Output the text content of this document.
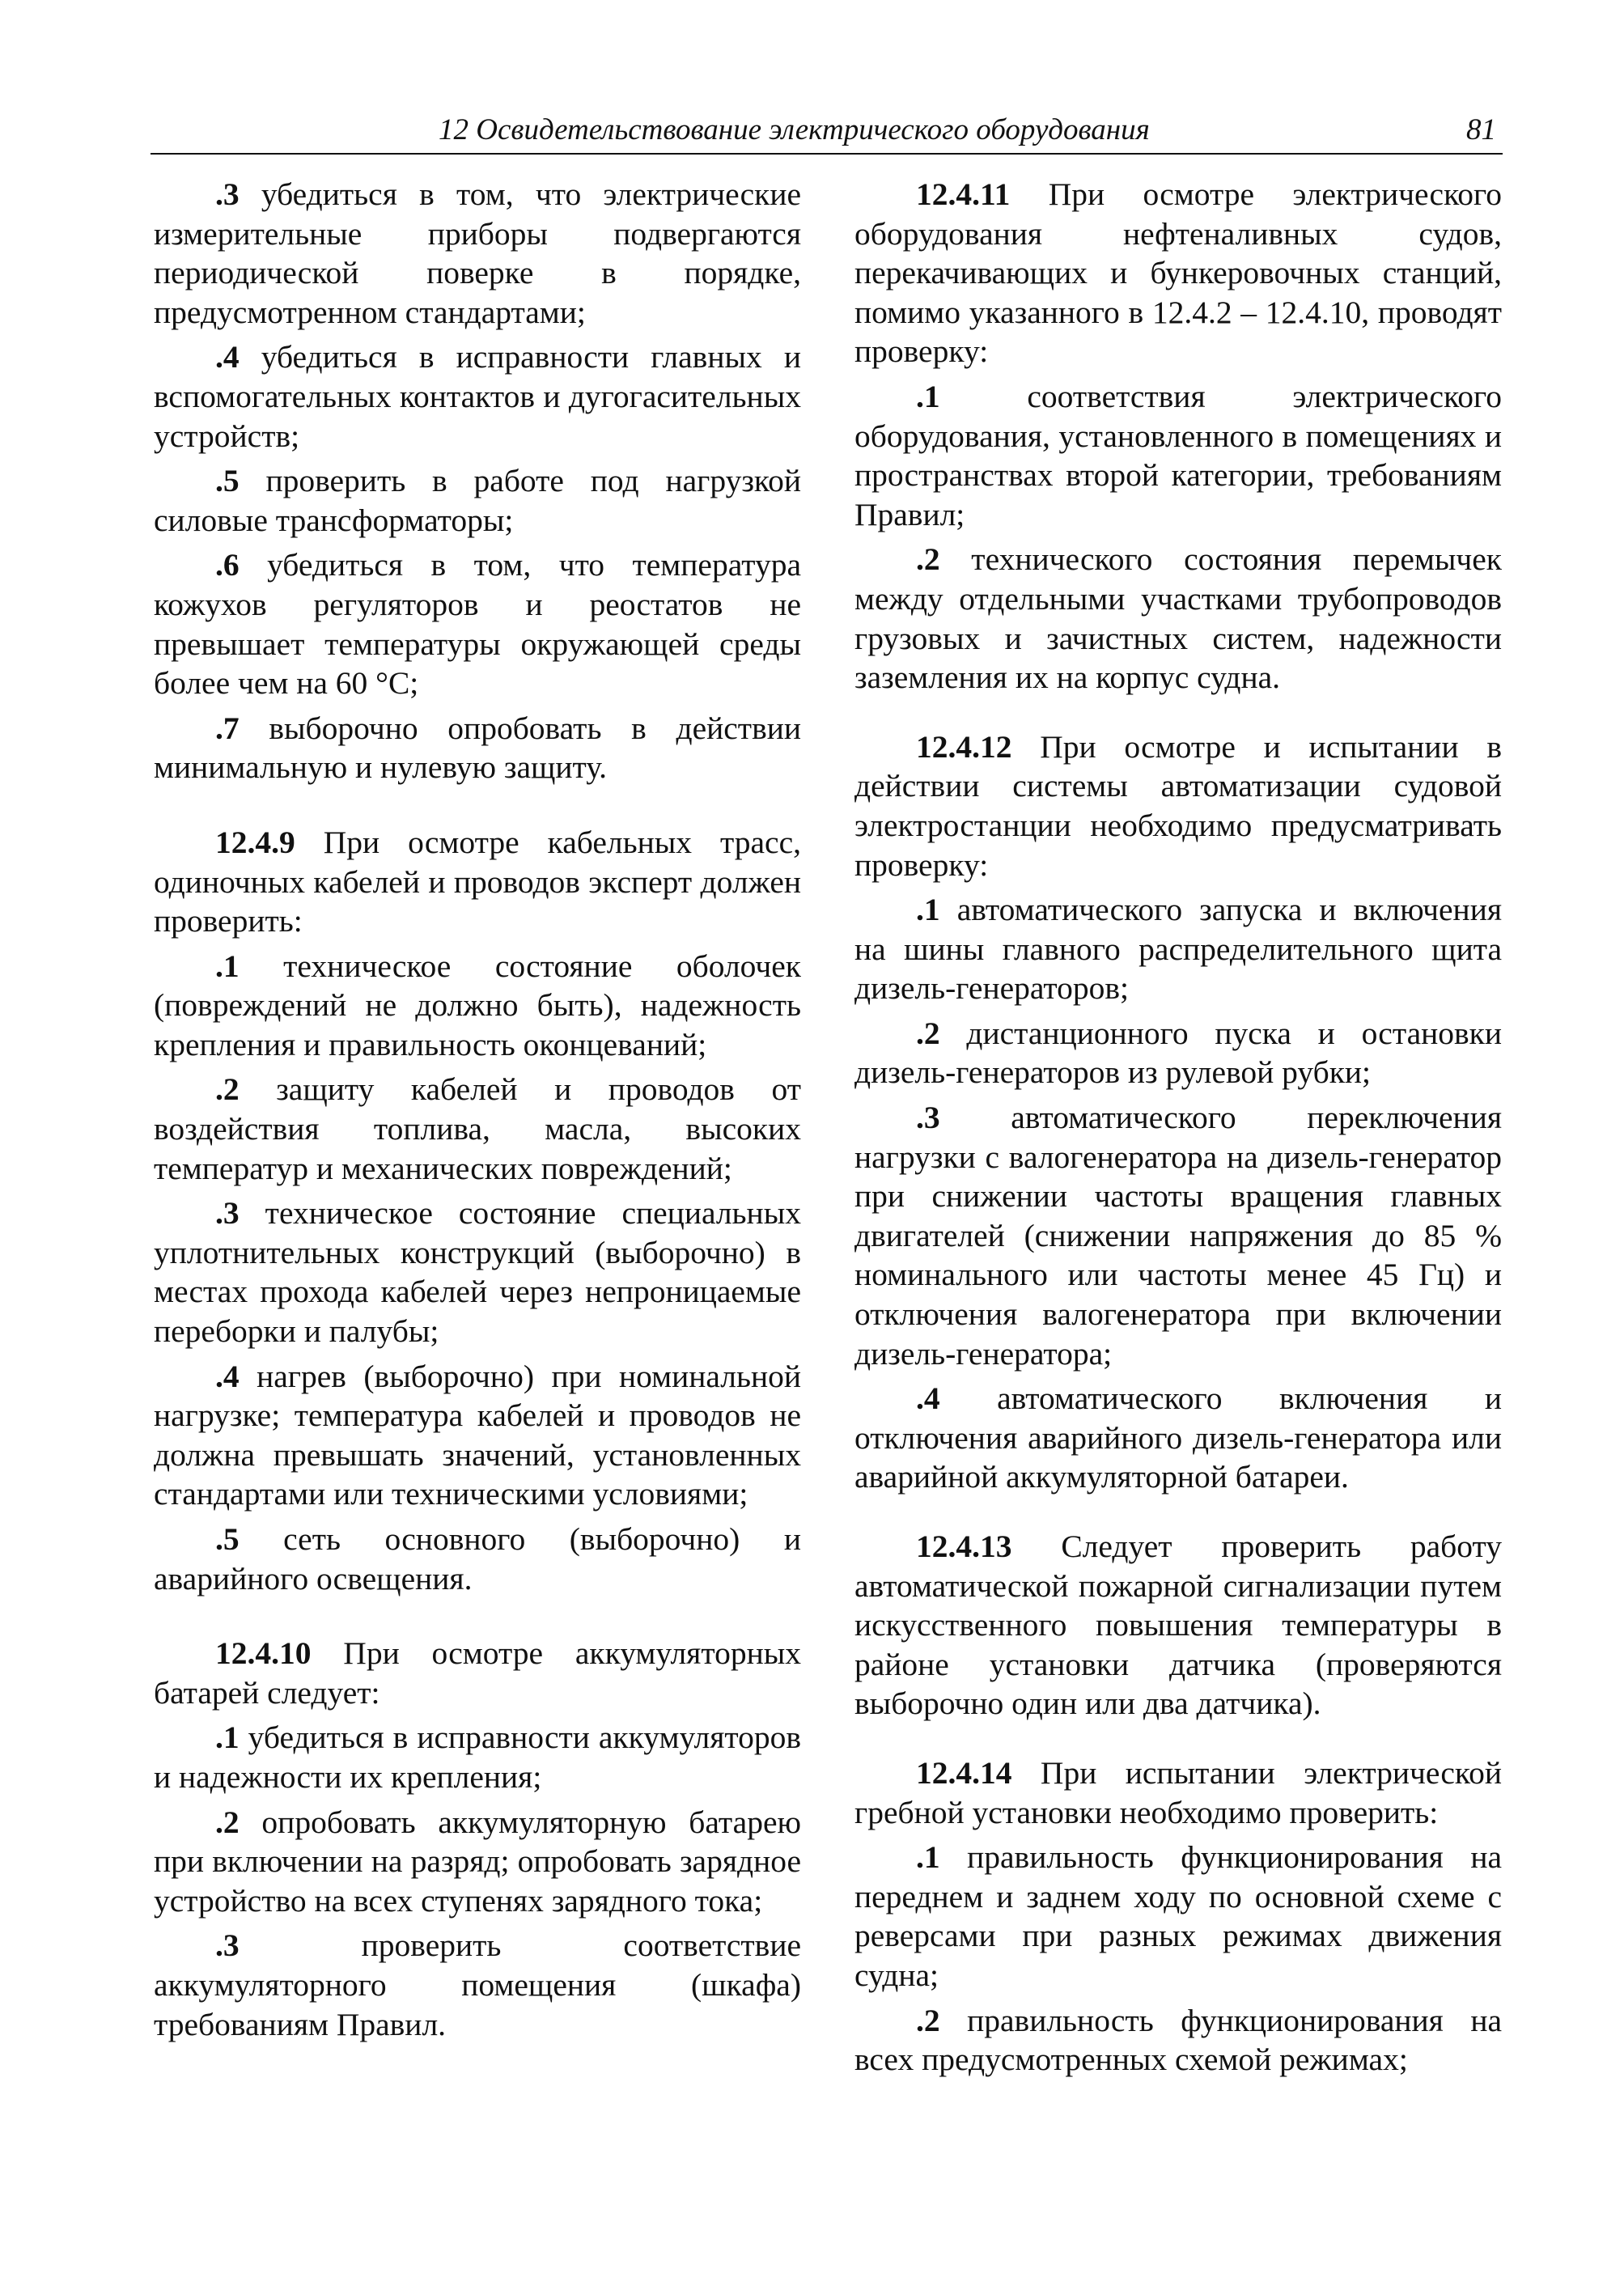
12 Освидетельствование электрического оборудования	81

.3 убедиться в том, что электрические измерительные приборы подвергаются периодической поверке в порядке, предусмотренном стандартами;

.4 убедиться в исправности главных и вспомогательных контактов и дугогасительных устройств;

.5 проверить в работе под нагрузкой силовые трансформаторы;

.6 убедиться в том, что температура кожухов регуляторов и реостатов не превышает температуры окружающей среды более чем на 60 °С;

.7 выборочно опробовать в действии минимальную и нулевую защиту.

12.4.9 При осмотре кабельных трасс, одиночных кабелей и проводов эксперт должен проверить:

.1 техническое состояние оболочек (повреждений не должно быть), надежность крепления и правильность оконцеваний;

.2 защиту кабелей и проводов от воздействия топлива, масла, высоких температур и механических повреждений;

.3 техническое состояние специальных уплотнительных конструкций (выборочно) в местах прохода кабелей через непроницаемые переборки и палубы;

.4 нагрев (выборочно) при номинальной нагрузке; температура кабелей и проводов не должна превышать значений, установленных стандартами или техническими условиями;

.5 сеть основного (выборочно) и аварийного освещения.

12.4.10 При осмотре аккумуляторных батарей следует:

.1 убедиться в исправности аккумуляторов и надежности их крепления;

.2 опробовать аккумуляторную батарею при включении на разряд; опробовать зарядное устройство на всех ступенях зарядного тока;

.3 проверить соответствие аккумуляторного помещения (шкафа) требованиям Правил.

12.4.11 При осмотре электрического оборудования нефтеналивных судов, перекачивающих и бункеровочных станций, помимо указанного в 12.4.2 – 12.4.10, проводят проверку:

.1 соответствия электрического оборудования, установленного в помещениях и пространствах второй категории, требованиям Правил;

.2 технического состояния перемычек между отдельными участками трубопроводов грузовых и зачистных систем, надежности заземления их на корпус судна.

12.4.12 При осмотре и испытании в действии системы автоматизации судовой электростанции необходимо предусматривать проверку:

.1 автоматического запуска и включения на шины главного распределительного щита дизель-генераторов;

.2 дистанционного пуска и остановки дизель-генераторов из рулевой рубки;

.3 автоматического переключения нагрузки с валогенератора на дизель-генератор при снижении частоты вращения главных двигателей (снижении напряжения до 85 % номинального или частоты менее 45 Гц) и отключения валогенератора при включении дизель-генератора;

.4 автоматического включения и отключения аварийного дизель-генератора или аварийной аккумуляторной батареи.

12.4.13 Следует проверить работу автоматической пожарной сигнализации путем искусственного повышения температуры в районе установки датчика (проверяются выборочно один или два датчика).

12.4.14 При испытании электрической гребной установки необходимо проверить:

.1 правильность функционирования на переднем и заднем ходу по основной схеме с реверсами при разных режимах движения судна;

.2 правильность функционирования на всех предусмотренных схемой режимах;
